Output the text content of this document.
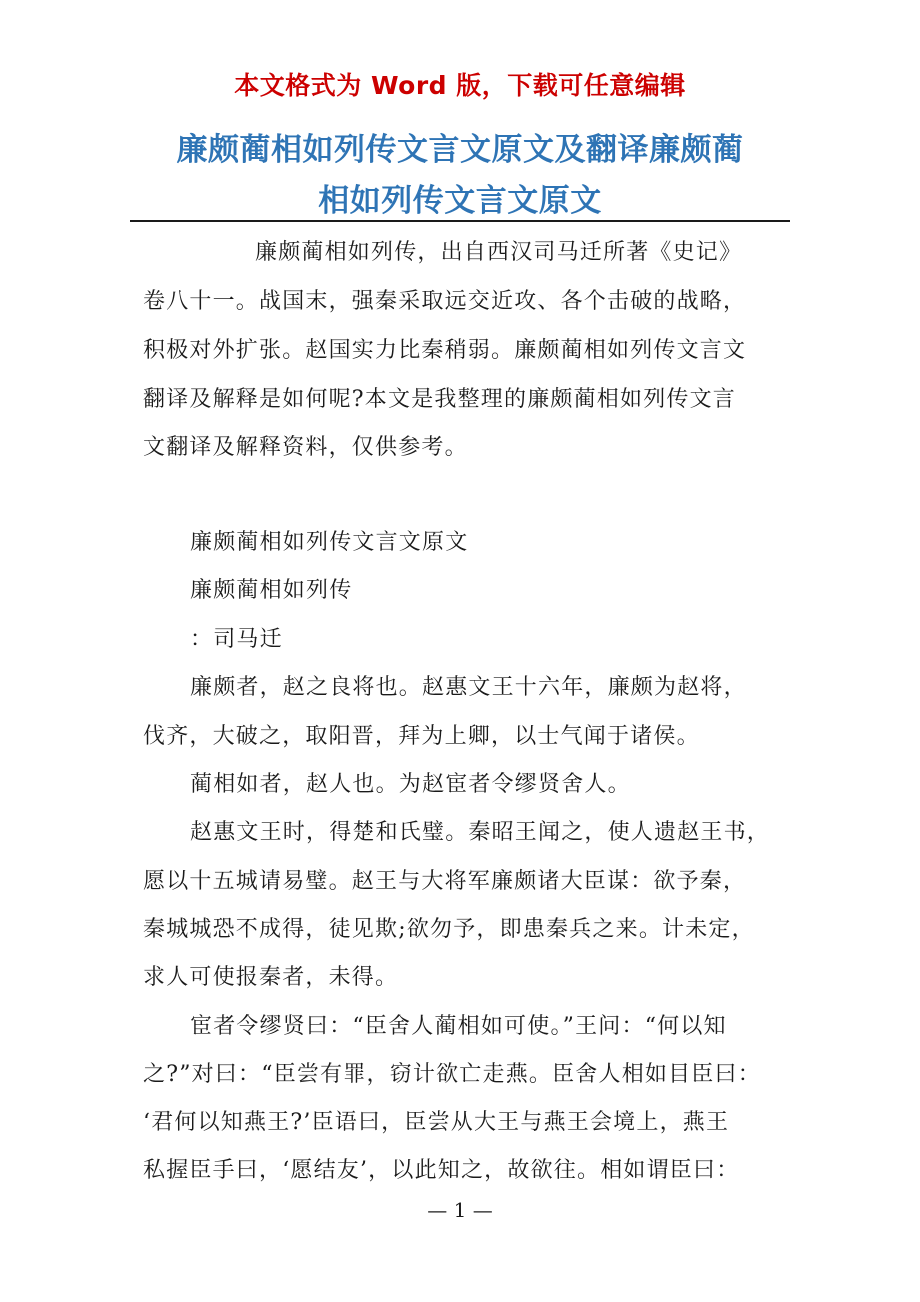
本文格式为 Word 版，下载可任意编辑
廉颇蔺相如列传文言文原文及翻译廉颇蔺
相如列传文言文原文
廉颇蔺相如列传，出自西汉司马迁所著《史记》
卷八十一。战国末，强秦采取远交近攻、各个击破的战略，
积极对外扩张。赵国实力比秦稍弱。廉颇蔺相如列传文言文
翻译及解释是如何呢?本文是我整理的廉颇蔺相如列传文言
文翻译及解释资料，仅供参考。
廉颇蔺相如列传文言文原文
廉颇蔺相如列传
：司马迁
廉颇者，赵之良将也。赵惠文王十六年，廉颇为赵将，
伐齐，大破之，取阳晋，拜为上卿，以士气闻于诸侯。
蔺相如者，赵人也。为赵宦者令缪贤舍人。
赵惠文王时，得楚和氏璧。秦昭王闻之，使人遗赵王书，
愿以十五城请易璧。赵王与大将军廉颇诸大臣谋：欲予秦，
秦城城恐不成得，徒见欺;欲勿予，即患秦兵之来。计未定，
求人可使报秦者，未得。
宦者令缪贤曰：“臣舍人蔺相如可使。”王问：“何以知
之?”对曰：“臣尝有罪，窃计欲亡走燕。臣舍人相如目臣曰：
‘君何以知燕王?’臣语曰，臣尝从大王与燕王会境上，燕王
私握臣手曰，‘愿结友’，以此知之，故欲往。相如谓臣曰：
— 1 —
